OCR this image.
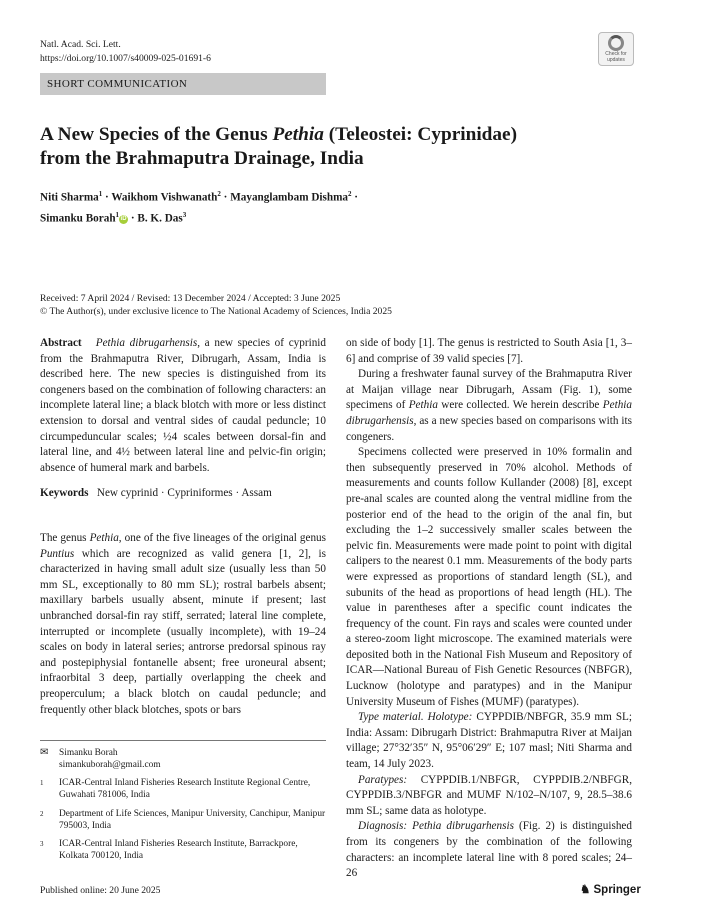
Natl. Acad. Sci. Lett.
https://doi.org/10.1007/s40009-025-01691-6	Check for
updates
SHORT COMMUNICATION
A New Species of the Genus Pethia (Teleostei: Cyprinidae)
from the Brahmaputra Drainage, India
Niti Sharma$^1$ · Waikhom Vishwanath$^2$ · Mayanglambam Dishma$^2$ ·
Simanku Borah$^1$iD · B. K. Das$^3$
Received: 7 April 2024 / Revised: 13 December 2024 / Accepted: 3 June 2025
© The Author(s), under exclusive licence to The National Academy of Sciences, India 2025

Abstract Pethia dibrugarhensis, a new species of cyprinid from the Brahmaputra River, Dibrugarh, Assam, India is described here. The new species is distinguished from its congeners based on the combination of following characters: an incomplete lateral line; a black blotch with more or less distinct extension to dorsal and ventral sides of caudal peduncle; 10 circumpeduncular scales; ½4 scales between dorsal-fin and lateral line, and 4½ between lateral line and pelvic-fin origin; absence of humeral mark and barbels.

Keywords New cyprinid · Cypriniformes · Assam

The genus Pethia, one of the five lineages of the original genus Puntius which are recognized as valid genera [1, 2], is characterized in having small adult size (usually less than 50 mm SL, exceptionally to 80 mm SL); rostral barbels absent; maxillary barbels usually absent, minute if present; last unbranched dorsal-fin ray stiff, serrated; lateral line complete, interrupted or incomplete (usually incomplete), with 19–24 scales on body in lateral series; antrorse predorsal spinous ray and postepiphysial fontanelle absent; free uroneural absent; infraorbital 3 deep, partially overlapping the cheek and preoperculum; a black blotch on caudal peduncle; and frequently other black blotches, spots or bars

✉ Simanku Borah
simankuborah@gmail.com
1 ICAR-Central Inland Fisheries Research Institute Regional Centre, Guwahati 781006, India
2 Department of Life Sciences, Manipur University, Canchipur, Manipur 795003, India
3 ICAR-Central Inland Fisheries Research Institute, Barrackpore, Kolkata 700120, India

on side of body [1]. The genus is restricted to South Asia [1, 3–6] and comprise of 39 valid species [7].

During a freshwater faunal survey of the Brahmaputra River at Maijan village near Dibrugarh, Assam (Fig. 1), some specimens of Pethia were collected. We herein describe Pethia dibrugarhensis, as a new species based on comparisons with its congeners.

Specimens collected were preserved in 10% formalin and then subsequently preserved in 70% alcohol. Methods of measurements and counts follow Kullander (2008) [8], except pre-anal scales are counted along the ventral midline from the posterior end of the head to the origin of the anal fin, but excluding the 1–2 successively smaller scales between the pelvic fin. Measurements were made point to point with digital calipers to the nearest 0.1 mm. Measurements of the body parts were expressed as proportions of standard length (SL), and subunits of the head as proportions of head length (HL). The value in parentheses after a specific count indicates the frequency of the count. Fin rays and scales were counted under a stereo-zoom light microscope. The examined materials were deposited both in the National Fish Museum and Repository of ICAR—National Bureau of Fish Genetic Resources (NBFGR), Lucknow (holotype and paratypes) and in the Manipur University Museum of Fishes (MUMF) (paratypes).

Type material. Holotype: CYPPDIB/NBFGR, 35.9 mm SL; India: Assam: Dibrugarh District: Brahmaputra River at Maijan village; 27°32′35″ N, 95°06′29″ E; 107 masl; Niti Sharma and team, 14 July 2023.

Paratypes: CYPPDIB.1/NBFGR, CYPPDIB.2/NBFGR, CYPPDIB.3/NBFGR and MUMF N/102–N/107, 9, 28.5–38.6 mm SL; same data as holotype.

Diagnosis: Pethia dibrugarhensis (Fig. 2) is distinguished from its congeners by the combination of the following characters: an incomplete lateral line with 8 pored scales; 24–26

Published online: 20 June 2025	♞ Springer
